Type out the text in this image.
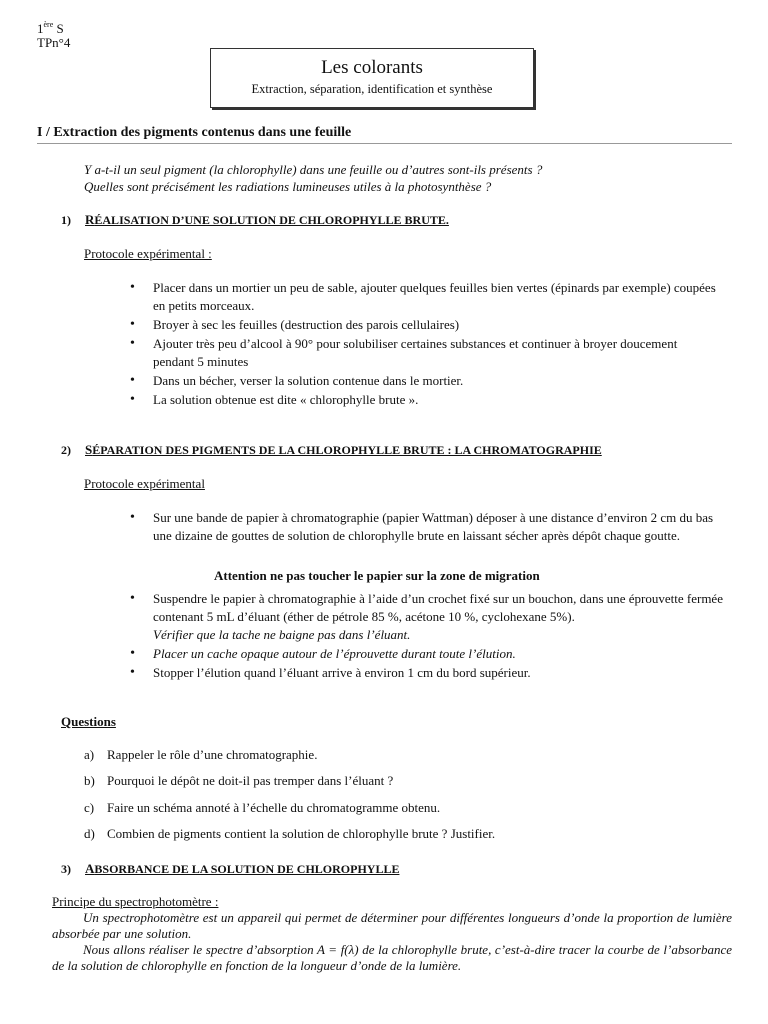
1ère S
TPn°4
Les colorants
Extraction, séparation, identification et synthèse
I / Extraction des pigments contenus dans une feuille
Y a-t-il un seul pigment (la chlorophylle) dans une feuille ou d’autres sont-ils présents ?
Quelles sont précisément les radiations lumineuses utiles à la photosynthèse ?
1) RÉALISATION D’UNE SOLUTION DE CHLOROPHYLLE BRUTE.
Protocole expérimental :
• Placer dans un mortier un peu de sable, ajouter quelques feuilles bien vertes (épinards par exemple) coupées en petits morceaux.
• Broyer à sec les feuilles (destruction des parois cellulaires)
• Ajouter très peu d’alcool à 90° pour solubiliser certaines substances et continuer à broyer doucement pendant 5 minutes
• Dans un bécher, verser la solution contenue dans le mortier.
• La solution obtenue est dite « chlorophylle brute ».
2) SÉPARATION DES PIGMENTS DE LA CHLOROPHYLLE BRUTE : LA CHROMATOGRAPHIE
Protocole expérimental
• Sur une bande de papier à chromatographie (papier Wattman) déposer à une distance d’environ 2 cm du bas une dizaine de gouttes de solution de chlorophylle brute en laissant sécher après dépôt chaque goutte.
Attention ne pas toucher le papier sur la zone de migration
• Suspendre le papier à chromatographie à l’aide d’un crochet fixé sur un bouchon, dans une éprouvette fermée contenant 5 mL d’éluant (éther de pétrole 85 %, acétone 10 %, cyclohexane 5%).
Vérifier que la tache ne baigne pas dans l’éluant.
• Placer un cache opaque autour de l’éprouvette durant toute l’élution.
• Stopper l’élution quand l’éluant arrive à environ 1 cm du bord supérieur.
Questions
a) Rappeler le rôle d’une chromatographie.
b) Pourquoi le dépôt ne doit-il pas tremper dans l’éluant ?
c) Faire un schéma annoté à l’échelle du chromatogramme obtenu.
d) Combien de pigments contient la solution de chlorophylle brute ? Justifier.
3) ABSORBANCE DE LA SOLUTION DE CHLOROPHYLLE
Principe du spectrophotomètre :

Un spectrophotomètre est un appareil qui permet de déterminer pour différentes longueurs d’onde la proportion de lumière absorbée par une solution.

Nous allons réaliser le spectre d’absorption A = f(λ) de la chlorophylle brute, c’est-à-dire tracer la courbe de l’absorbance de la solution de chlorophylle en fonction de la longueur d’onde de la lumière.
